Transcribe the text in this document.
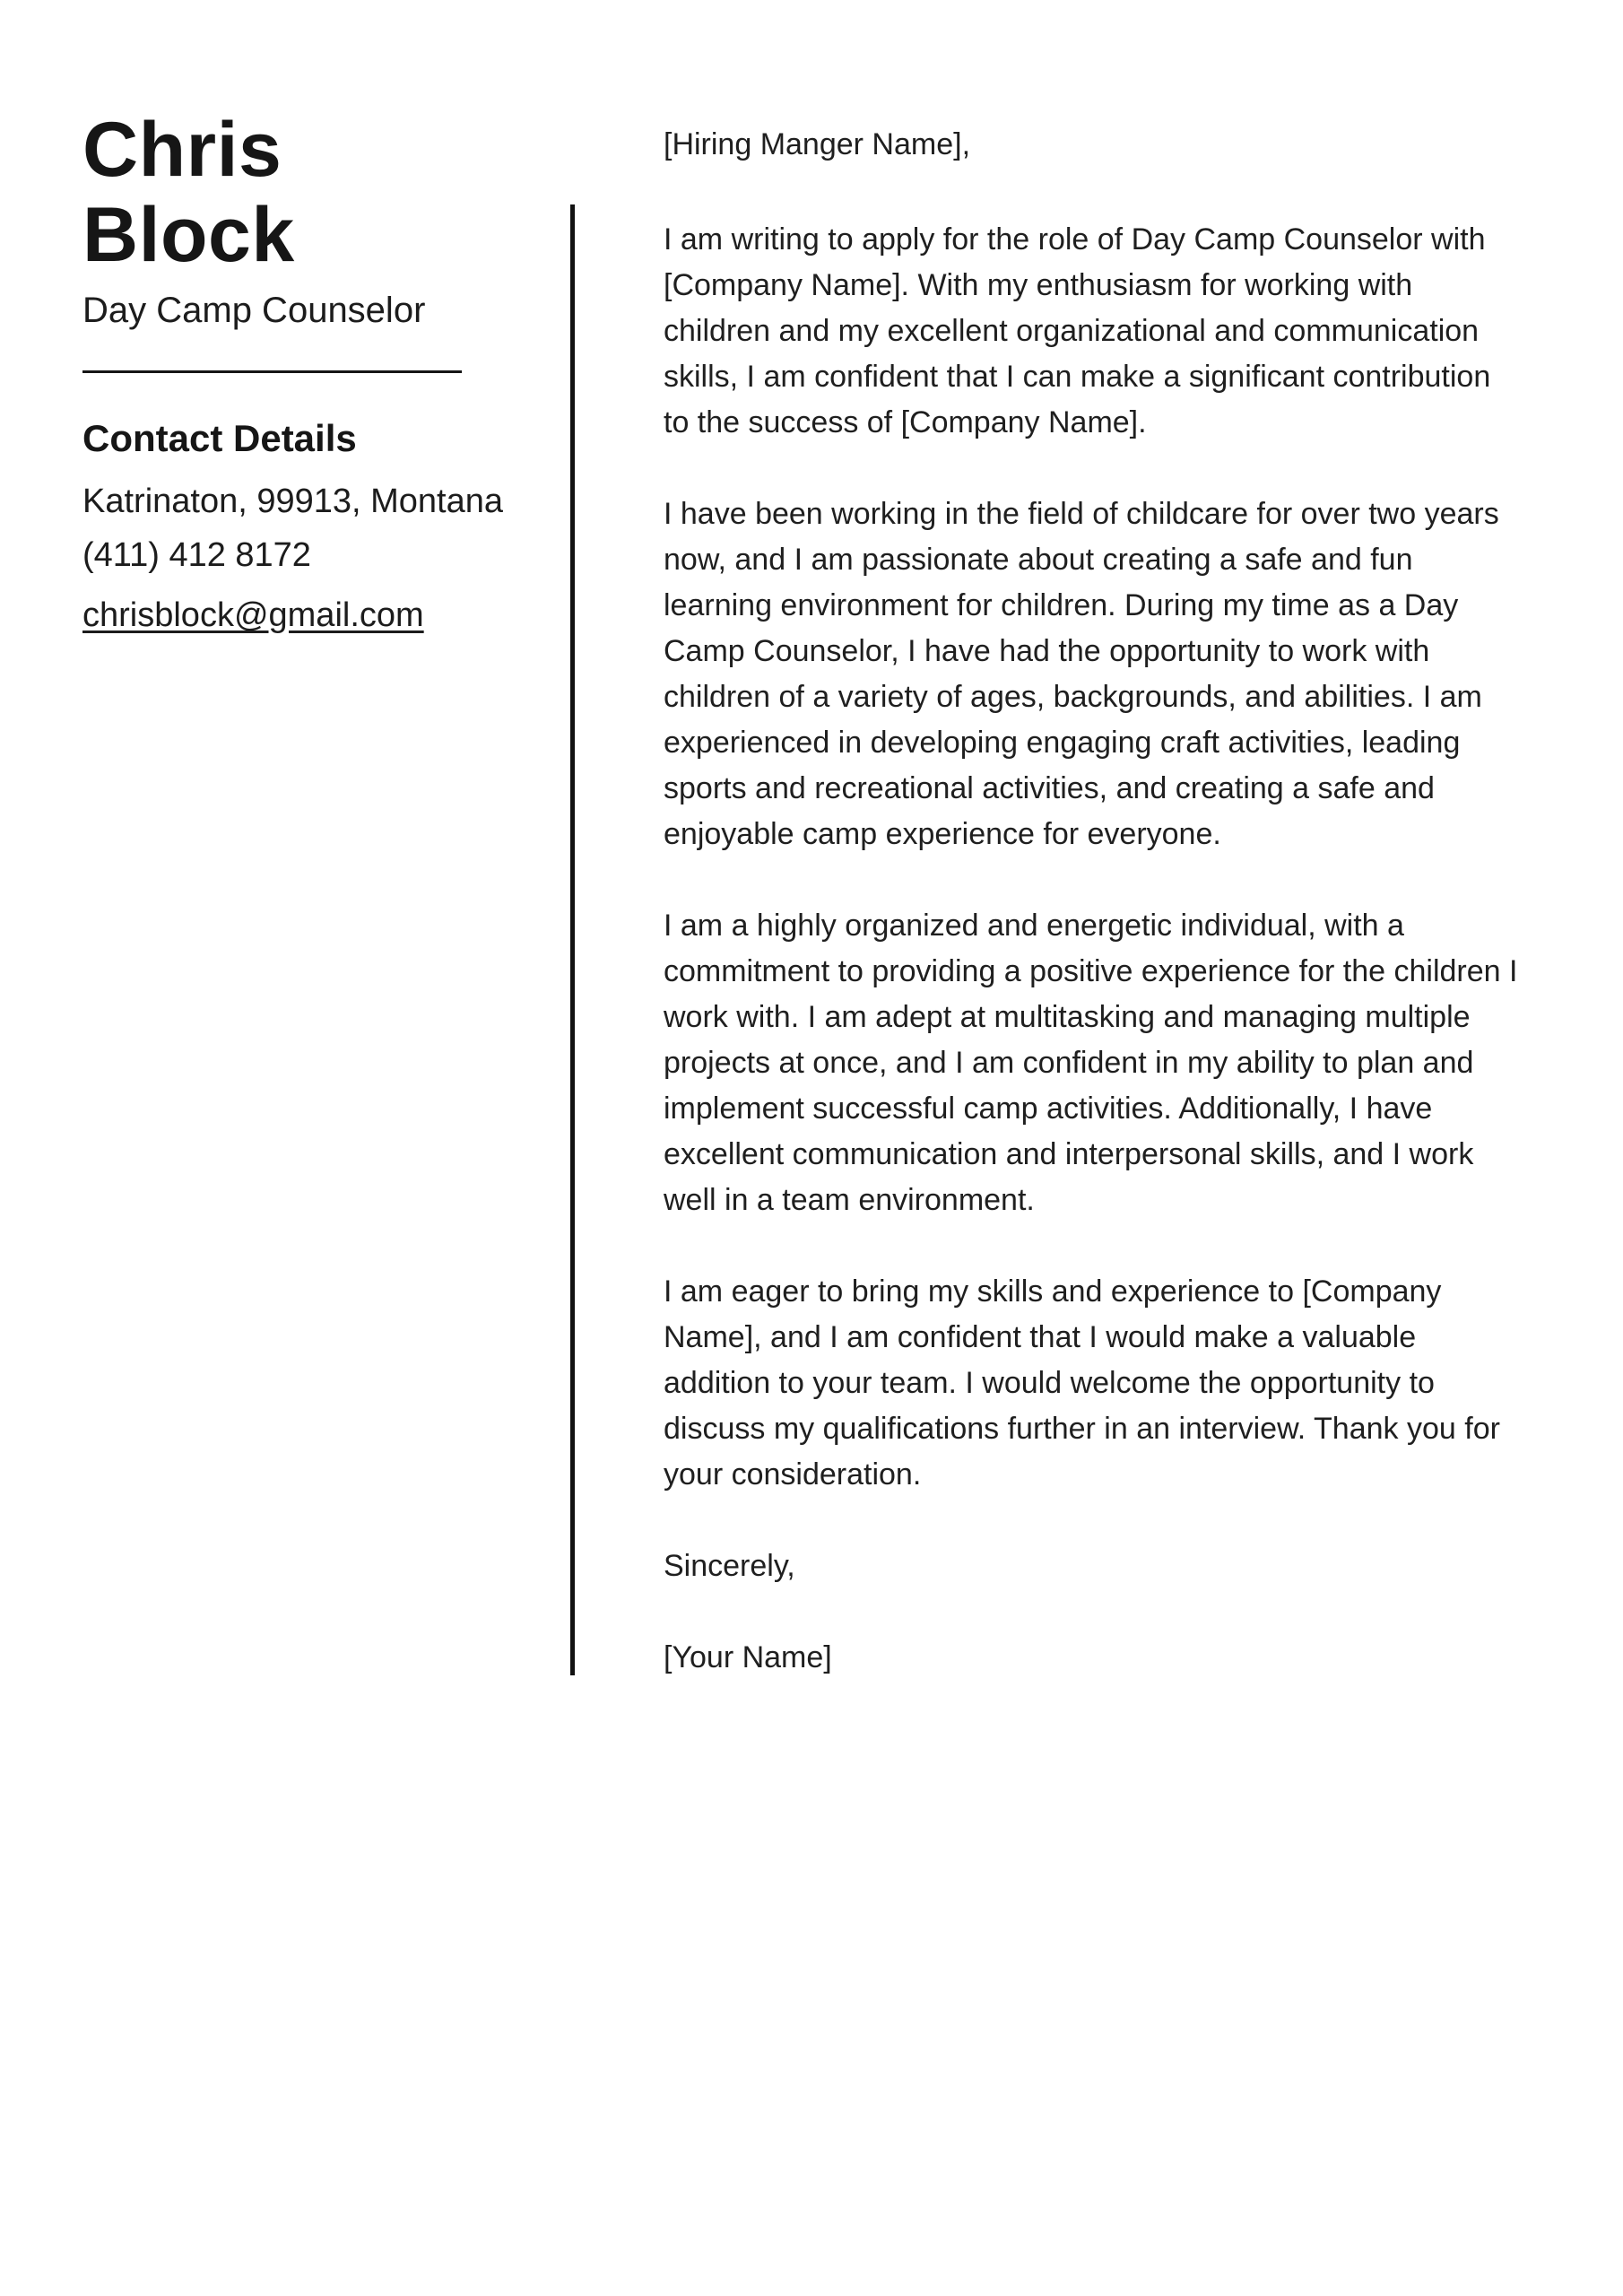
Chris
Block
Day Camp Counselor
Contact Details
Katrinaton, 99913, Montana
(411) 412 8172
chrisblock@gmail.com
[Hiring Manger Name],

I am writing to apply for the role of Day Camp Counselor with [Company Name]. With my enthusiasm for working with children and my excellent organizational and communication skills, I am confident that I can make a significant contribution to the success of [Company Name].

I have been working in the field of childcare for over two years now, and I am passionate about creating a safe and fun learning environment for children. During my time as a Day Camp Counselor, I have had the opportunity to work with children of a variety of ages, backgrounds, and abilities. I am experienced in developing engaging craft activities, leading sports and recreational activities, and creating a safe and enjoyable camp experience for everyone.

I am a highly organized and energetic individual, with a commitment to providing a positive experience for the children I work with. I am adept at multitasking and managing multiple projects at once, and I am confident in my ability to plan and implement successful camp activities. Additionally, I have excellent communication and interpersonal skills, and I work well in a team environment.

I am eager to bring my skills and experience to [Company Name], and I am confident that I would make a valuable addition to your team. I would welcome the opportunity to discuss my qualifications further in an interview. Thank you for your consideration.

Sincerely,

[Your Name]
